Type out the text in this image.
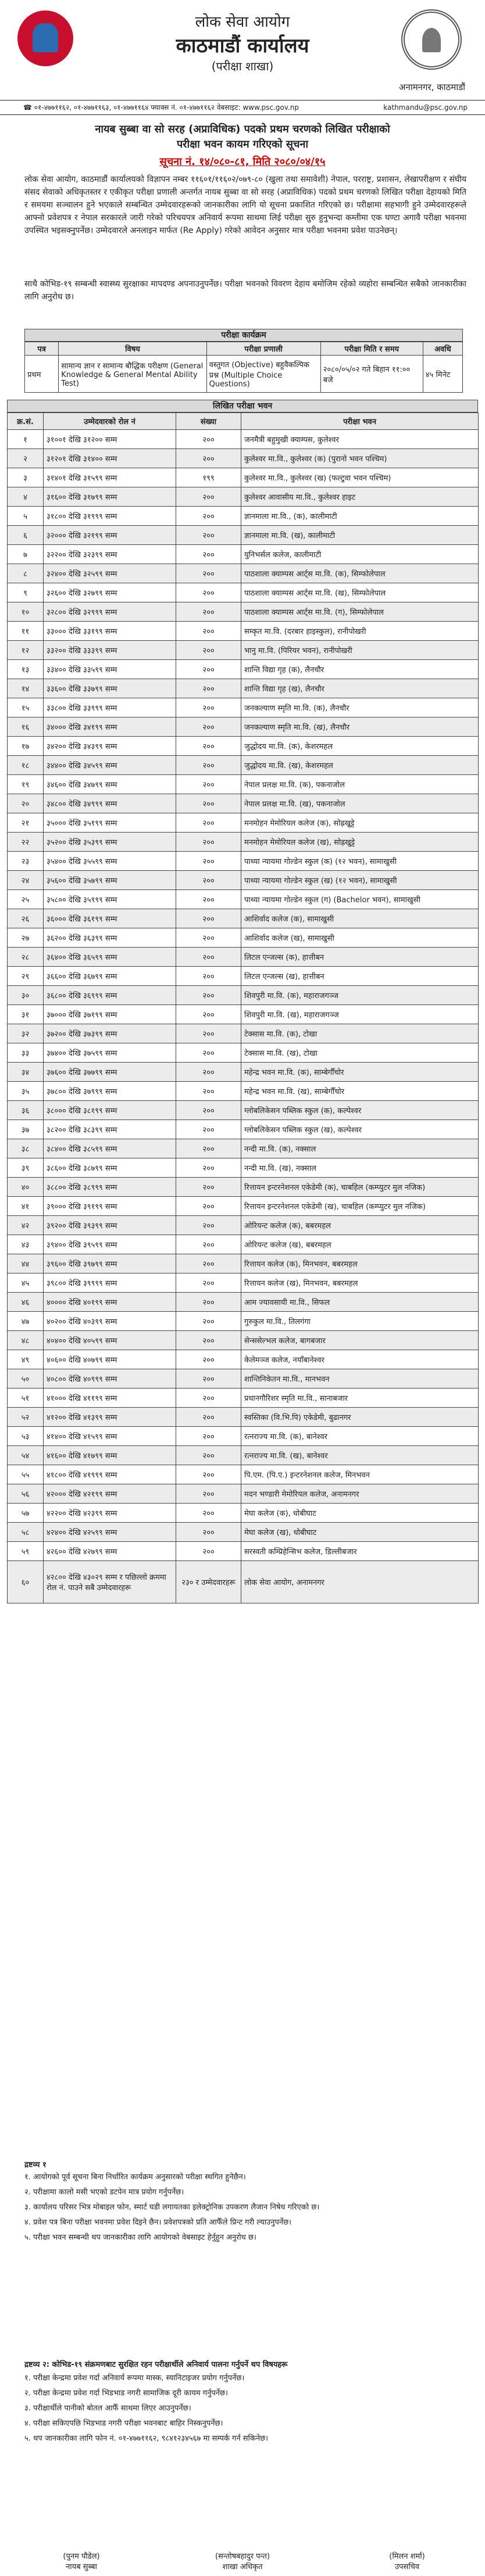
लोक सेवा आयोग
काठमाडौं कार्यालय
(परीक्षा शाखा)
अनामनगर, काठमाडौं
☎ ०१-४७७११६२, ०१-४७७११६३, ०१-४७७११६४ फ्याक्स नं. ०१-४७७११६२ वेबसाइट: www.psc.gov.np	kathmandu@psc.gov.np
नायब सुब्बा वा सो सरह (अप्राविधिक) पदको प्रथम चरणको लिखित परीक्षाको
परीक्षा भवन कायम गरिएको सूचना
सूचना नं. १४/०८०-८१, मिति २०८०/०४/१५
लोक सेवा आयोग, काठमाडौं कार्यालयको विज्ञापन नम्बर ११६०१/११६०२/०७९-८० (खुला तथा समावेशी) नेपाल, परराष्ट्र, प्रशासन, लेखापरीक्षण र संघीय संसद सेवाको अधिकृतस्तर र एकीकृत परीक्षा प्रणाली अन्तर्गत नायब सुब्बा वा सो सरह (अप्राविधिक) पदको प्रथम चरणको लिखित परीक्षा देहायको मिति र समयमा सञ्चालन हुने भएकाले सम्बन्धित उम्मेदवारहरूको जानकारीका लागि यो सूचना प्रकाशित गरिएको छ। परीक्षामा सहभागी हुने उम्मेदवारहरूले आफ्नो प्रवेशपत्र र नेपाल सरकारले जारी गरेको परिचयपत्र अनिवार्य रूपमा साथमा लिई परीक्षा सुरु हुनुभन्दा कम्तीमा एक घण्टा अगावै परीक्षा भवनमा उपस्थित भइसक्नुपर्नेछ। उम्मेदवारले अनलाइन मार्फत (Re Apply) गरेको आवेदन अनुसार मात्र परीक्षा भवनमा प्रवेश पाउनेछन्।
साथै कोभिड-१९ सम्बन्धी स्वास्थ्य सुरक्षाका मापदण्ड अपनाउनुपर्नेछ। परीक्षा भवनको विवरण देहाय बमोजिम रहेको व्यहोरा सम्बन्धित सबैको जानकारीका लागि अनुरोध छ।
परीक्षा कार्यक्रम
पत्र	विषय	परीक्षा प्रणाली	परीक्षा मिति र समय	अवधि
प्रथम	सामान्य ज्ञान र सामान्य बौद्धिक परीक्षण (General Knowledge & General Mental Ability Test)	वस्तुगत (Objective) बहुवैकल्पिक प्रश्न (Multiple Choice Questions)	२०८०/०५/०२ गते बिहान ११:०० बजे	४५ मिनेट
लिखित परीक्षा भवन
क्र.सं.	उम्मेदवारको रोल नं	संख्या	परीक्षा भवन
१	३१००१ देखि ३१२०० सम्म	२००	जनमैत्री बहुमुखी क्याम्पस, कुलेश्वर
२	३१२०१ देखि ३१४०० सम्म	२००	कुलेश्वर मा.वि., कुलेश्वर (क) (पुरानो भवन पश्चिम)
३	३१४०१ देखि ३१५९९ सम्म	१९९	कुलेश्वर मा.वि., कुलेश्वर (ख) (फल्टुवा भवन पश्चिम)
४	३१६०० देखि ३१७९९ सम्म	२००	कुलेश्वर आवासीय मा.वि., कुलेश्वर हाइट
५	३१८०० देखि ३१९९९ सम्म	२००	ज्ञानमाला मा.वि., (क), कालीमाटी
६	३२००० देखि ३२१९९ सम्म	२००	ज्ञानमाला मा.वि. (ख), कालीमाटी
७	३२२०० देखि ३२३९९ सम्म	२००	युनिभर्सल कलेज, कालीमाटी
८	३२४०० देखि ३२५९९ सम्म	२००	पाठशाला क्याम्पस आर्ट्स मा.वि. (क), सिम्फोलेपाल
९	३२६०० देखि ३२७९९ सम्म	२००	पाठशाला क्याम्पस आर्ट्स मा.वि. (ख), सिम्फोलेपाल
१०	३२८०० देखि ३२९९९ सम्म	२००	पाठशाला क्याम्पस आर्ट्स मा.वि. (ग), सिम्फोलेपाल
११	३३००० देखि ३३१९९ सम्म	२००	सम्कृत मा.वि. (दरबार हाइस्कुल), रानीपोखरी
१२	३३२०० देखि ३३३९९ सम्म	२००	भानु मा.वि. (पिरियर भवन), रानीपोखरी
१३	३३४०० देखि ३३५९९ सम्म	२००	शान्ति विद्या गृह (क), लैनचौर
१४	३३६०० देखि ३३७९९ सम्म	२००	शान्ति विद्या गृह (ख), लैनचौर
१५	३३८०० देखि ३३९९९ सम्म	२००	जनकल्याण स्मृति मा.वि. (क), लैनचौर
१६	३४००० देखि ३४१९९ सम्म	२००	जनकल्याण स्मृति मा.वि. (ख), लैनचौर
१७	३४२०० देखि ३४३९९ सम्म	२००	जुद्धोदय मा.वि. (क), केशरमहल
१८	३४४०० देखि ३४५९९ सम्म	२००	जुद्धोदय मा.वि. (ख), केशरमहल
१९	३४६०० देखि ३४७९९ सम्म	२००	नेपाल प्रलक्ष मा.वि. (क), पकनाजोल
२०	३४८०० देखि ३४९९९ सम्म	२००	नेपाल प्रलक्ष मा.वि. (ख), पकनाजोल
२१	३५००० देखि ३५१९९ सम्म	२००	मनमोहन मेमोरियल कलेज (क), सोह्रखुट्टे
२२	३५२०० देखि ३५३९९ सम्म	२००	मनमोहन मेमोरियल कलेज (ख), सोह्रखुट्टे
२३	३५४०० देखि ३५५९९ सम्म	२००	पाथ्या न्यायमा गोल्डेन स्कुल (क) (१२ भवन), सामाखुसी
२४	३५६०० देखि ३५७९९ सम्म	२००	पाथ्या न्यायमा गोल्डेन स्कुल (ख) (१२ भवन), सामाखुसी
२५	३५८०० देखि ३५९९९ सम्म	२००	पाथ्या न्यायमा गोल्डेन स्कुल (ग) (Bachelor भवन), सामाखुसी
२६	३६००० देखि ३६१९९ सम्म	२००	आशिर्वाद कलेज (क), सामाखुसी
२७	३६२०० देखि ३६३९९ सम्म	२००	आशिर्वाद कलेज (ख), सामाखुसी
२८	३६४०० देखि ३६५९९ सम्म	२००	लिटल एन्जल्स (क), हात्तीबन
२९	३६६०० देखि ३६७९९ सम्म	२००	लिटल एन्जल्स (ख), हात्तीबन
३०	३६८०० देखि ३६९९९ सम्म	२००	शिवपुरी मा.वि. (क), महाराजगञ्ज
३१	३७००० देखि ३७१९९ सम्म	२००	शिवपुरी मा.वि. (ख), महाराजगञ्ज
३२	३७२०० देखि ३७३९९ सम्म	२००	टेक्सास मा.वि. (क), टोखा
३३	३७४०० देखि ३७५९९ सम्म	२००	टेक्सास मा.वि. (ख), टोखा
३४	३७६०० देखि ३७७९९ सम्म	२००	महेन्द्र भवन मा.वि. (क), साम्बेगौँचोर
३५	३७८०० देखि ३७९९९ सम्म	२००	महेन्द्र भवन मा.वि. (ख), साम्बेगौँचोर
३६	३८००० देखि ३८१९९ सम्म	२००	ग्लोबलिकेसन पब्लिक स्कुल (क), कल्पेश्वर
३७	३८२०० देखि ३८३९९ सम्म	२००	ग्लोबलिकेसन पब्लिक स्कुल (ख), कल्पेश्वर
३८	३८४०० देखि ३८५९९ सम्म	२००	नन्दी मा.वि. (क), नक्साल
३९	३८६०० देखि ३८७९९ सम्म	२००	नन्दी मा.वि. (ख), नक्साल
४०	३८८०० देखि ३८९९९ सम्म	२००	रित्तायन इन्टरनेशनल एकेडेमी (क), चाबहिल (कम्प्युटर मुल नजिक)
४१	३९००० देखि ३९१९९ सम्म	२००	रित्तायन इन्टरनेशनल एकेडेमी (ख), चाबहिल (कम्प्युटर मुल नजिक)
४२	३९२०० देखि ३९३९९ सम्म	२००	ओरियन्ट कलेज (क), बबरमहल
४३	३९४०० देखि ३९५९९ सम्म	२००	ओरियन्ट कलेज (ख), बबरमहल
४४	३९६०० देखि ३९७९९ सम्म	२००	रित्तायन कलेज (क), मिनभवन, बबरमहल
४५	३९८०० देखि ३९९९९ सम्म	२००	रित्तायन कलेज (ख), मिनभवन, बबरमहल
४६	४०००० देखि ४०१९९ सम्म	२००	आम ज्यावसायी मा.वि., सिफल
४७	४०२०० देखि ४०३९९ सम्म	२००	गुरुकुल मा.वि., तिलगंगा
४८	४०४०० देखि ४०५९९ सम्म	२००	सेन्ससेल्भल कलेज, बागबजार
४९	४०६०० देखि ४०७९९ सम्म	२००	केलेमञ्ज कलेज, नयाँबानेश्वर
५०	४०८०० देखि ४०९९९ सम्म	२००	शान्तिनिकेतन मा.वि., मानभवन
५१	४१००० देखि ४११९९ सम्म	२००	प्रधानगौरिशर स्मृति मा.वि., सानाबजार
५२	४१२०० देखि ४१३९९ सम्म	२००	स्वस्तिका (वि.भि.पि) एकेडेमी, बुढानगर
५३	४१४०० देखि ४१५९९ सम्म	२००	रत्नराज्य मा.वि. (क), बानेश्वर
५४	४१६०० देखि ४१७९९ सम्म	२००	रत्नराज्य मा.वि. (ख), बानेश्वर
५५	४१८०० देखि ४१९९९ सम्म	२००	पि.एम. (पि.ए.) इन्टरनेशनल कलेज, मिनभवन
५६	४२००० देखि ४२१९९ सम्म	२००	मदन भण्डारी मेमोरियल कलेज, अनामनगर
५७	४२२०० देखि ४२३९९ सम्म	२००	मेघा कलेज (क), धोबीघाट
५८	४२४०० देखि ४२५९९ सम्म	२००	मेघा कलेज (ख), धोबीघाट
५९	४२६०० देखि ४२७९९ सम्म	२००	सरस्वती कम्प्रिहेन्सिभ कलेज, डिल्लीबजार
६०	४२८०० देखि ४३०२९ सम्म र पछिल्लो क्रममा रोल नं. पाउने सबै उम्मेदवारहरू	२३० र उम्मेदवारहरू	लोक सेवा आयोग, अनामनगर
द्रष्टव्य १
१. आयोगको पूर्व सूचना बिना निर्धारित कार्यक्रम अनुसारको परीक्षा स्थगित हुनेछैन।
२. परीक्षामा कालो मसी भएको डटपेन मात्र प्रयोग गर्नुपर्नेछ।
३. कार्यालय परिसर भित्र मोबाइल फोन, स्मार्ट घडी लगायतका इलेक्ट्रोनिक उपकरण लैजान निषेध गरिएको छ।
४. प्रवेश पत्र बिना परीक्षा भवनमा प्रवेश दिइने छैन। प्रवेशपत्रको प्रति आफैँले प्रिन्ट गरी ल्याउनुपर्नेछ।
५. परीक्षा भवन सम्बन्धी थप जानकारीका लागि आयोगको वेबसाइट हेर्नुहुन अनुरोध छ।
द्रष्टव्य २: कोभिड-१९ संक्रमणबाट सुरक्षित रहन परीक्षार्थीले अनिवार्य पालना गर्नुपर्ने थप विषयहरू
१. परीक्षा केन्द्रमा प्रवेश गर्दा अनिवार्य रूपमा मास्क, स्यानिटाइजर प्रयोग गर्नुपर्नेछ।
२. परीक्षा केन्द्रमा प्रवेश गर्दा भिडभाड नगरी सामाजिक दूरी कायम गर्नुपर्नेछ।
३. परीक्षार्थीले पानीको बोतल आफैँ साथमा लिएर आउनुपर्नेछ।
४. परीक्षा सकिएपछि भिडभाड नगरी परीक्षा भवनबाट बाहिर निस्कनुपर्नेछ।
५. थप जानकारीका लागि फोन नं. ०१-४७७११६२, ९८४१२३४५६७ मा सम्पर्क गर्न सकिनेछ।
(पुनम पौडेल)
नायब सुब्बा
(सन्तोषबहादुर पन्त)
शाखा अधिकृत
(मिलन शर्मा)
उपसचिव
